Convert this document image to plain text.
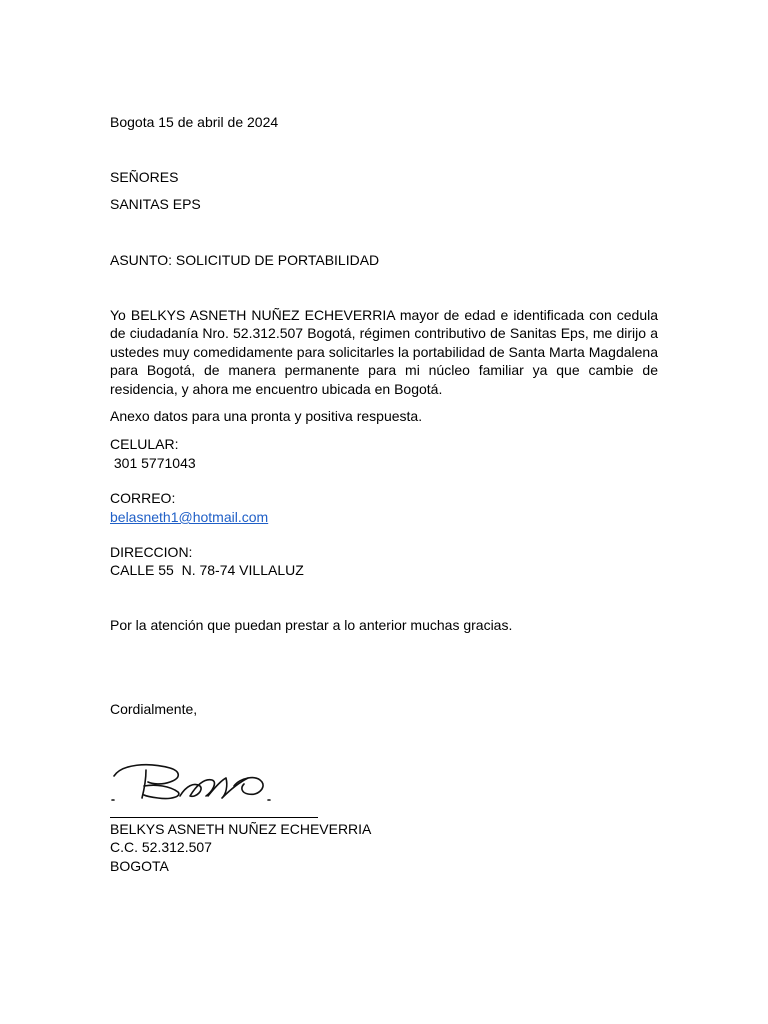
Bogota 15 de abril de 2024
SEÑORES
SANITAS EPS
ASUNTO: SOLICITUD DE PORTABILIDAD
Yo BELKYS ASNETH NUÑEZ ECHEVERRIA mayor de edad e identificada con cedula de ciudadanía Nro. 52.312.507 Bogotá, régimen contributivo de Sanitas Eps, me dirijo a ustedes muy comedidamente para solicitarles la portabilidad de Santa Marta Magdalena para Bogotá, de manera permanente para mi núcleo familiar ya que cambie de residencia, y ahora me encuentro ubicada en Bogotá.
Anexo datos para una pronta y positiva respuesta.
CELULAR:
301 5771043
CORREO:
belasneth1@hotmail.com
DIRECCION:
CALLE 55  N. 78-74 VILLALUZ
Por la atención que puedan prestar a lo anterior muchas gracias.
Cordialmente,
BELKYS ASNETH NUÑEZ ECHEVERRIA
C.C. 52.312.507
BOGOTA
